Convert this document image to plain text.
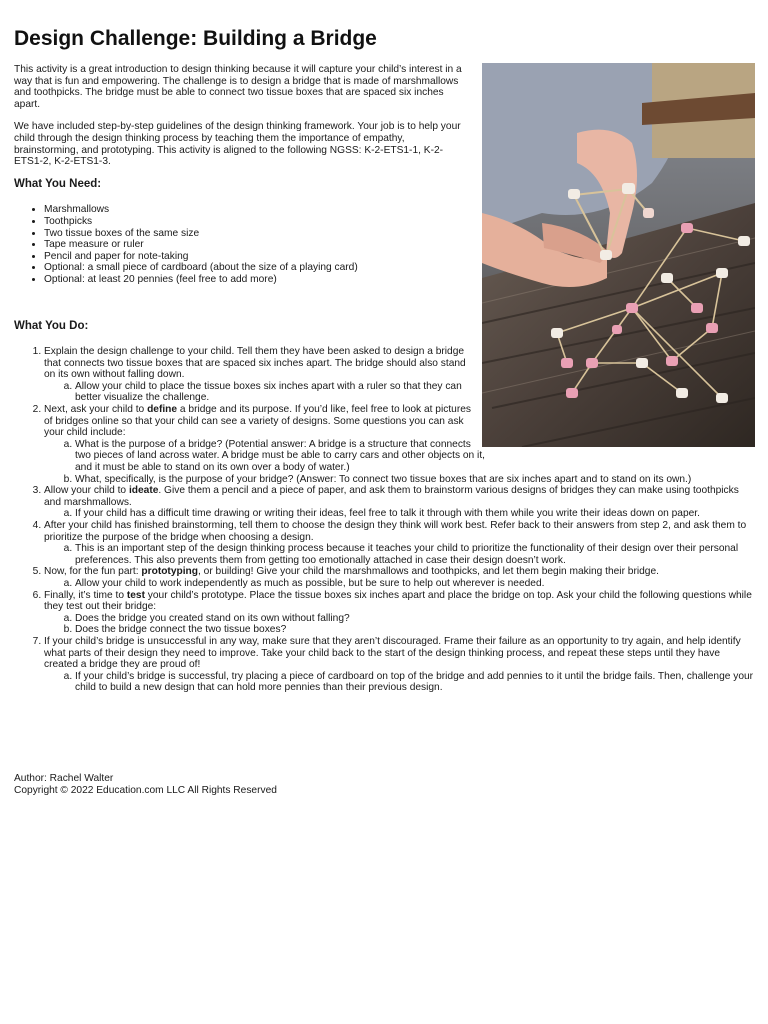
Design Challenge: Building a Bridge

This activity is a great introduction to design thinking because it will capture your child’s interest in a way that is fun and empowering. The challenge is to design a bridge that is made of marshmallows and toothpicks. The bridge must be able to connect two tissue boxes that are spaced six inches apart.

We have included step-by-step guidelines of the design thinking framework. Your job is to help your child through the design thinking process by teaching them the importance of empathy, brainstorming, and prototyping. This activity is aligned to the following NGSS: K-2-ETS1-1, K-2-ETS1-2, K-2-ETS1-3.

What You Need:
• Marshmallows
• Toothpicks
• Two tissue boxes of the same size
• Tape measure or ruler
• Pencil and paper for note-taking
• Optional: a small piece of cardboard (about the size of a playing card)
• Optional: at least 20 pennies (feel free to add more)
What You Do:
1. Explain the design challenge to your child. Tell them they have been asked to design a bridge that connects two tissue boxes that are spaced six inches apart. The bridge should also stand on its own without falling down.
a. Allow your child to place the tissue boxes six inches apart with a ruler so that they can better visualize the challenge.
2. Next, ask your child to define a bridge and its purpose. If you’d like, feel free to look at pictures of bridges online so that your child can see a variety of designs. Some questions you can ask your child include:
a. What is the purpose of a bridge? (Potential answer: A bridge is a structure that connects two pieces of land across water. A bridge must be able to carry cars and other objects on it, and it must be able to stand on its own over a body of water.)
b. What, specifically, is the purpose of your bridge? (Answer: To connect two tissue boxes that are six inches apart and to stand on its own.)
3. Allow your child to ideate. Give them a pencil and a piece of paper, and ask them to brainstorm various designs of bridges they can make using toothpicks and marshmallows.
a. If your child has a difficult time drawing or writing their ideas, feel free to talk it through with them while you write their ideas down on paper.
4. After your child has finished brainstorming, tell them to choose the design they think will work best. Refer back to their answers from step 2, and ask them to prioritize the purpose of the bridge when choosing a design.
a. This is an important step of the design thinking process because it teaches your child to prioritize the functionality of their design over their personal preferences. This also prevents them from getting too emotionally attached in case their design doesn’t work.
5. Now, for the fun part: prototyping, or building! Give your child the marshmallows and toothpicks, and let them begin making their bridge.
a. Allow your child to work independently as much as possible, but be sure to help out wherever is needed.
6. Finally, it’s time to test your child’s prototype. Place the tissue boxes six inches apart and place the bridge on top. Ask your child the following questions while they test out their bridge:
a. Does the bridge you created stand on its own without falling?
b. Does the bridge connect the two tissue boxes?
7. If your child’s bridge is unsuccessful in any way, make sure that they aren’t discouraged. Frame their failure as an opportunity to try again, and help identify what parts of their design they need to improve. Take your child back to the start of the design thinking process, and repeat these steps until they have created a bridge they are proud of!
a. If your child’s bridge is successful, try placing a piece of cardboard on top of the bridge and add pennies to it until the bridge fails. Then, challenge your child to build a new design that can hold more pennies than their previous design.
Author: Rachel Walter
Copyright © 2022 Education.com LLC All Rights Reserved
